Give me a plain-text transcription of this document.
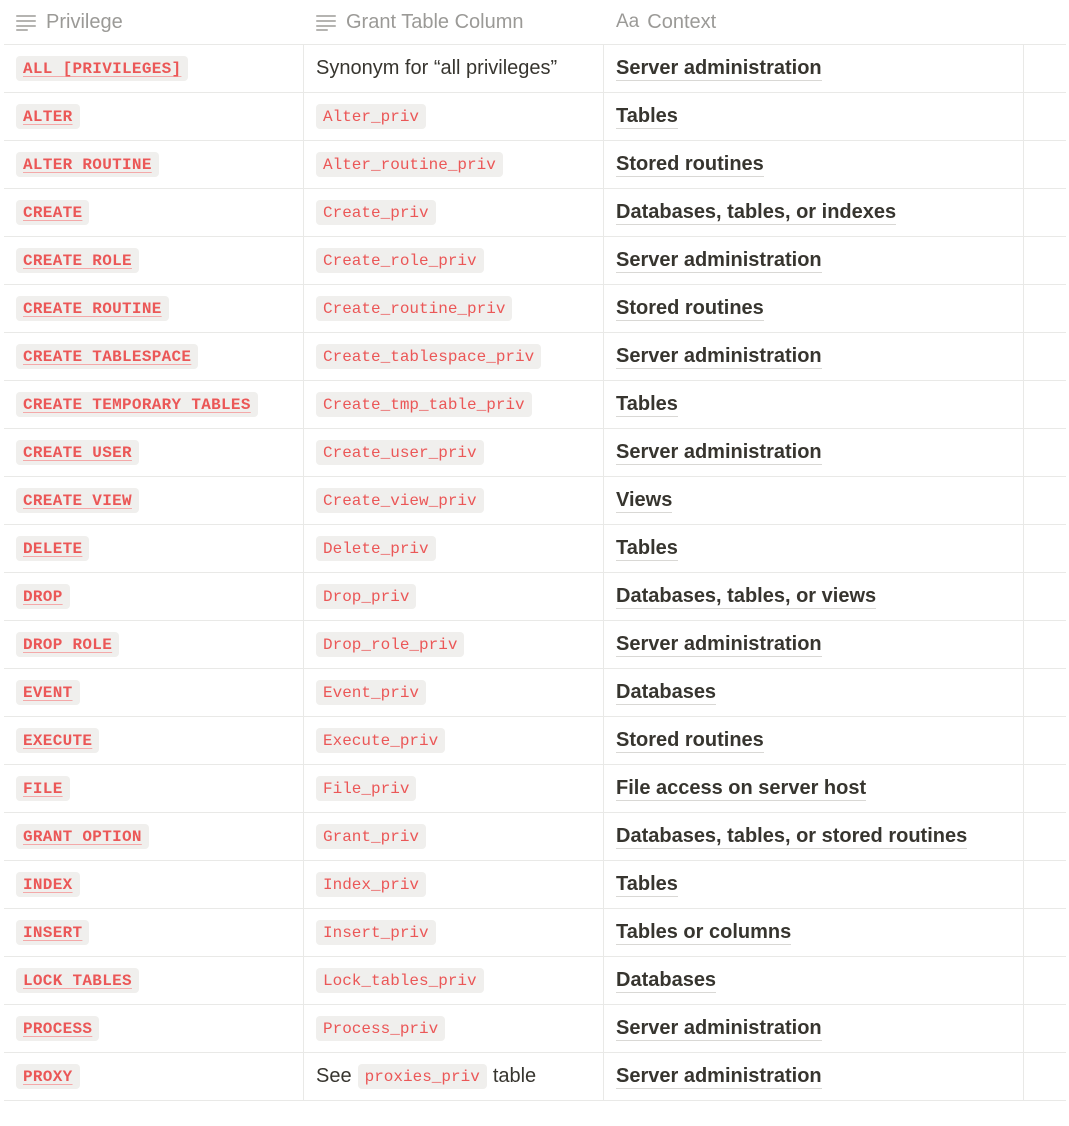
Privilege	Grant Table Column	Aa Context
ALL [PRIVILEGES]	Synonym for “all privileges”	Server administration
ALTER	Alter_priv	Tables
ALTER ROUTINE	Alter_routine_priv	Stored routines
CREATE	Create_priv	Databases, tables, or indexes
CREATE ROLE	Create_role_priv	Server administration
CREATE ROUTINE	Create_routine_priv	Stored routines
CREATE TABLESPACE	Create_tablespace_priv	Server administration
CREATE TEMPORARY TABLES	Create_tmp_table_priv	Tables
CREATE USER	Create_user_priv	Server administration
CREATE VIEW	Create_view_priv	Views
DELETE	Delete_priv	Tables
DROP	Drop_priv	Databases, tables, or views
DROP ROLE	Drop_role_priv	Server administration
EVENT	Event_priv	Databases
EXECUTE	Execute_priv	Stored routines
FILE	File_priv	File access on server host
GRANT OPTION	Grant_priv	Databases, tables, or stored routines
INDEX	Index_priv	Tables
INSERT	Insert_priv	Tables or columns
LOCK TABLES	Lock_tables_priv	Databases
PROCESS	Process_priv	Server administration
PROXY	See proxies_priv table	Server administration
